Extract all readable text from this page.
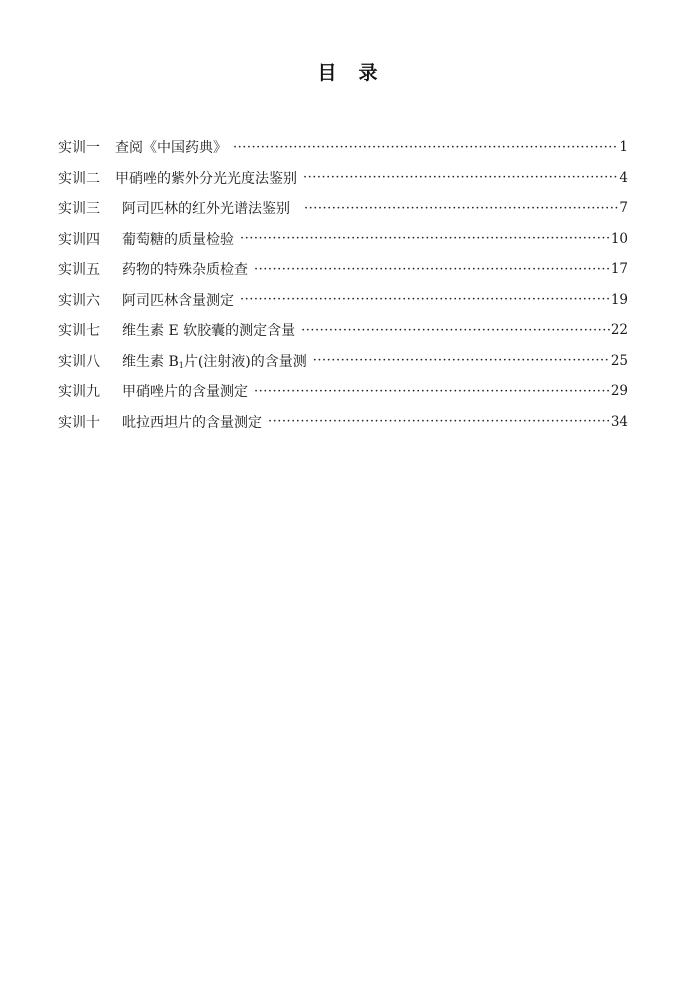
目 录
实训一	查阅《中国药典》 ·····	1
实训二	甲硝唑的紫外分光光度法鉴别 ·····	4
实训三	阿司匹林的红外光谱法鉴别 ·····	7
实训四	葡萄糖的质量检验 ·····	10
实训五	药物的特殊杂质检查 ·····	17
实训六	阿司匹林含量测定 ·····	19
实训七	维生素 E 软胶囊的测定含量 ·····	22
实训八	维生素 $B_1$片(注射液)的含量测 ·····	25
实训九	甲硝唑片的含量测定 ·····	29
实训十	吡拉西坦片的含量测定 ·····	34
